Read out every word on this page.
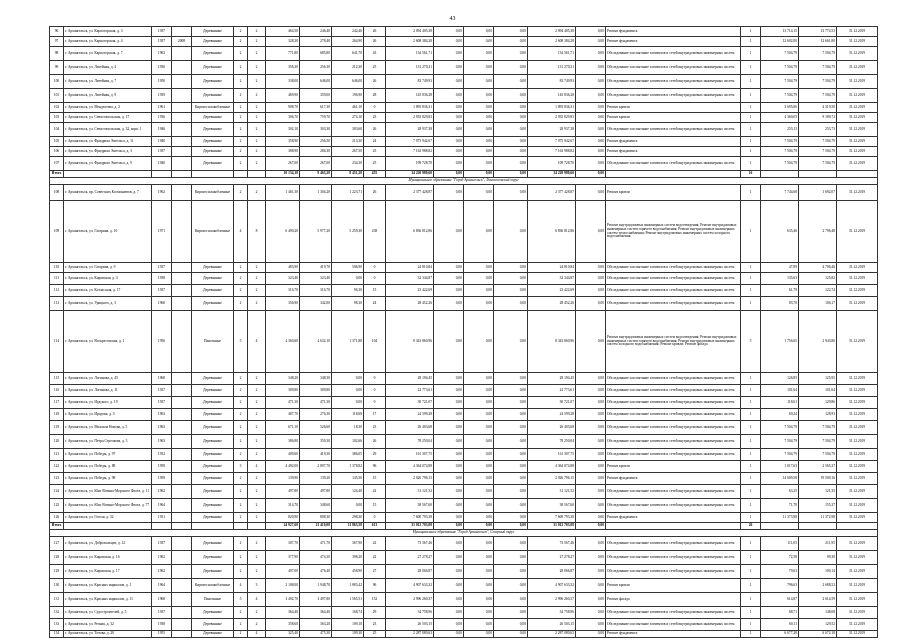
43
96	г. Архангельск, ул. Карпогорская, д. 3	1937		Деревянные	2	2	464,50	246,40	242,46	26	2 094 405,38	0,00	0,00	0,00	2 094 405,38	0,00	Ремонт фундамента	1	13 714,15	13 774,53	31.12.2019
97	г. Архангельск, ул. Карпогорская, д. 4	1937	2008	Деревянные	2	2	328,30	278,40	264,90	26	2 608 384,28	0,00	0,00	0,00	2 608 384,28	0,00	Ремонт фундамента	1	12 602,00	12 661,80	31.12.2019
98	г. Архангельск, ул. Карпогорская, д. 7	1963		Деревянные	2	2	771,80	685,80	641,70	43	134 561,71	0,00	0,00	0,00	134 561,71	0,00	Обследование и испытание элементов и сетей внутридомовых инженерных систем	1	7 504,79	7 504,79	31.12.2019
99	г. Архангельск, ул. Литейная, д. 4	1930		Деревянные	2	2	356,30	256,30	212,30	25	131 270,31	0,00	0,00	0,00	131 270,31	0,00	Обследование и испытание элементов и сетей внутридомовых инженерных систем	1	7 504,79	7 504,79	31.12.2019
100	г. Архангельск, ул. Литейная, д. 7	1950		Деревянные	2	2	338,00	646,00	646,00	26	83 749,93	0,00	0,00	0,00	83 749,93	0,00	Обследование и испытание элементов и сетей внутридомовых инженерных систем	1	7 504,79	7 504,79	31.12.2019
101	г. Архангельск, ул. Литейная, д. 9	1939		Деревянные	2	2	469,90	359,00	196,90	28	145 836,28	0,00	0,00	0,00	145 836,28	0,00	Обследование и испытание элементов и сетей внутридомовых инженерных систем	1	7 504,79	7 504,79	31.12.2019
102	г. Архангельск, ул. Менделеева, д. 2	1961		Кирпич шлакоблочные	2	2	908,70	617,30	461,10	0	1 895 836,31	0,00	0,00	0,00	1 895 836,31	0,00	Ремонт кровли	1	3 695,06	4 319,50	31.12.2019
103	г. Архангельск, ул. Севастопольская, д. 17	1936		Деревянные	2	2	306,70	759,70	274,10	23	2 935 829,83	0,00	0,00	0,00	2 935 829,83	0,00	Ремонт кровли	1	4 360,03	9 189,72	31.12.2019
104	г. Архангельск, ул. Севастопольская, д. 32, корп. 1	1946		Деревянные	2	2	302,10	303,30	303,60	26	28 937,38	0,00	0,00	0,00	28 937,38	0,00	Обследование и испытание элементов и сетей внутридомовых инженерных систем	1	253,13	253,73	31.12.2019
105	г. Архангельск, ул. Фридриха Энгельса, д. 11	1940		Деревянные	2	2	358,90	256,50	213,30	24	7 075 942,67	0,00	0,00	0,00	7 075 942,67	0,00	Ремонт фундамента	1	7 504,79	7 504,79	31.12.2019
106	г. Архангельск, ул. Фридриха Энгельса, д. 3	1937		Деревянные	2	2	388,90	284,30	267,50	25	7 163 988,82	0,00	0,00	0,00	7 163 988,82	0,00	Ремонт фундамента	1	7 504,79	7 504,79	31.12.2019
107	г. Архангельск, ул. Фридриха Энгельса, д. 9	1940		Деревянные	2	2	267,00	267,00	234,30	25	109 728,70	0,00	0,00	0,00	109 728,70	0,00	Обследование и испытание элементов и сетей внутридомовых инженерных систем	1	7 504,79	7 504,79	31.12.2019
Итого							10 134,10	9 463,20	8 451,20	455	34 220 980,60	0,00	0,00	0,00	34 220 980,60	0,00		16			
Муниципальное образование "Город Архангельск", Ломоносовский округ																					
108	г. Архангельск, пр. Советских Космонавтов, д. 7	1962		Кирпич шлакоблочные	2	2	1 461,30	1 304,20	1 223,71	26	2 377 428,87	0,00	0,00	0,00	2 377 428,87	0,00	Ремонт кровли	1	7 744,68	1 692,07	31.12.2019
109	г. Архангельск, ул. Гагарина, д. 10	1971		Кирпич шлакоблочные	4	8	6 490,20	5 977,20	5 259,30	238	6 836 812,86	0,00	0,00	0,00	6 836 812,86	0,00	Ремонт внутридомовых инженерных систем водоотведения; Ремонт внутридомовых инженерных систем горячего водоснабжения; Ремонт внутридомовых инженерных систем теплоснабжения; Ремонт внутридомовых инженерных систем холодного водоснабжения	1	635,46	2 796,48	31.12.2019
110	г. Архангельск, ул. Гагарина, д. 9	1937		Деревянные	2	2	483,90	419,70	506,90	0	24 810,84	0,00	0,00	0,00	24 810,84	0,00	Обследование и испытание элементов и сетей внутридомовых инженерных систем	1	47,89	4 706,46	31.12.2019
111	г. Архангельск, ул. Кировская, д. 3	1938		Деревянные	2	2	323,40	323,40	0,00	0	32 344,87	0,00	0,00	0,00	32 344,87	0,00	Обследование и испытание элементов и сетей внутридомовых инженерных систем	1	135,63	125,82	31.12.2019
112	г. Архангельск, ул. Котласская, д. 17	1937		Деревянные	2	2	316,70	316,70	96,30	15	23 422,69	0,00	0,00	0,00	23 422,69	0,00	Обследование и испытание элементов и сетей внутридомовых инженерных систем	1	61,79	122,74	31.12.2019
113	г. Архангельск, ул. Урицкого, д. 3	1960		Деревянные	2	2	356,90	342,00	98,30	24	28 452,26	0,00	0,00	0,00	28 452,26	0,00	Обследование и испытание элементов и сетей внутридомовых инженерных систем	1	83,70	106,17	31.12.2019
114	г. Архангельск, ул. Воскресенская, д. 1	1956		Панельные	5	4	4 360,60	4 632,10	1 371,88	104	8 343 860,96	0,00	0,00	0,00	8 343 860,96	0,00	Ремонт внутридомовых инженерных систем водоотведения; Ремонт внутридомовых инженерных систем горячего водоснабжения; Ремонт внутридомовых инженерных систем холодного водоснабжения; Ремонт кровли; Ремонт фасада	5	1 756,65	2 943,86	31.12.2019
115	г. Архангельск, ул. Логинова, д. 45	1960		Деревянные	2	2	348,20	348,30	0,00	0	28 194,45	0,00	0,00	0,00	28 194,45	0,00	Обследование и испытание элементов и сетей внутридомовых инженерных систем	1	126,85	125,95	31.12.2019
116	г. Архангельск, ул. Логинова, д. 11	1937		Деревянные	2	2	309,80	309,80	0,00	0	22 773,61	0,00	0,00	0,00	22 773,61	0,00	Обследование и испытание элементов и сетей внутридомовых инженерных систем	1	101,64	101,64	31.12.2019
117	г. Архангельск, ул. Иудского, д. 19	1937		Деревянные	2	2	471,30	471,30	0,00	0	30 721,07	0,00	0,00	0,00	30 721,07	0,00	Обследование и испытание элементов и сетей внутридомовых инженерных систем	1	118,61	129,86	31.12.2019
118	г. Архангельск, ул. Иродова, д. 3	1963		Деревянные	2	2	487,70	276,30	118,68	17	24 599,28	0,00	0,00	0,00	24 599,28	0,00	Обследование и испытание элементов и сетей внутридомовых инженерных систем	1	60,24	128,93	31.12.2019
119	г. Архангельск, ул. Михаила Новова, д. 5	1963		Деревянные	2	2	671,10	526,60	18,30	23	26 403,68	0,00	0,00	0,00	26 403,68	0,00	Обследование и испытание элементов и сетей внутридомовых инженерных систем	1	7 504,79	7 504,79	31.12.2019
120	г. Архангельск, ул. Петра Стрелкова, д. 3	1963		Деревянные	2	2	386,80	350,30	102,66	26	78 250,04	0,00	0,00	0,00	78 250,04	0,00	Обследование и испытание элементов и сетей внутридомовых инженерных систем	1	7 504,79	7 504,79	31.12.2019
121	г. Архангельск, ул. Победы, д. 97	1932		Деревянные	2	2	409,60	419,30	386,05	29	161 307,75	0,00	0,00	0,00	161 307,75	0,00	Обследование и испытание элементов и сетей внутридомовых инженерных систем	1	7 504,79	7 504,79	31.12.2019
122	г. Архангельск, ул. Победы, д. 88	1959		Деревянные	3	4	4 492,00	2 897,70	1 378,82	96	4 364 074,88	0,00	0,00	0,00	4 364 074,88	0,00	Ремонт кровли	1	1 017,63	2 565,37	31.12.2019
123	г. Архангельск, ул. Победы, д. 98	1959		Деревянные	2	2	139,90	139,20	145,50	15	2 026 796,15	0,00	0,00	0,00	2 026 796,15	0,00	Ремонт фундамента	1	14 609,58	19 509,16	31.12.2019
124	г. Архангельск, ул. Юнг Военно-Морского Флота, д. 11	1962		Деревянные	2	2	497,80	497,80	124,40	22	31 121,52	0,00	0,00	0,00	31 121,52	0,00	Обследование и испытание элементов и сетей внутридомовых инженерных систем	1	63,25	121,35	31.12.2019
125	г. Архангельск, ул. Юнг Военно-Морского Флота, д. 77	1964		Деревянные	2	2	314,70	348,60	0,00	15	38 567,60	0,00	0,00	0,00	38 567,60	0,00	Обследование и испытание элементов и сетей внутридомовых инженерных систем	1	71,70	155,37	31.12.2019
126	г. Архангельск, ул. Гоголя, д. 32	1931		Деревянные	2	2	820,90	808,30	298,30	0	7 600 793,38	0,00	0,00	0,00	7 600 793,38	0,00	Ремонт фундамента	1	11 373,98	11 372,98	31.12.2019
Итого							24 927,60	21 410,00	11 863,58	613	31 012 703,08	0,00	0,00	0,00	31 012 703,08	0,00		26			
Муниципальное образование "Город Архангельск", Северный округ																					
127	г. Архангельск, ул. Добровольцев, д. 12	1937		Деревянные	2	2	307,70	471,70	367,90	22	73 567,46	0,00	0,00	0,00	73 567,46	0,00	Обследование и испытание элементов и сетей внутридомовых инженерных систем	1	111,05	211,95	31.12.2019
128	г. Архангельск, ул. Кировская, д. 16	1962		Деревянные	2	2	377,90	474,30	398,20	22	27 278,27	0,00	0,00	0,00	27 278,27	0,00	Обследование и испытание элементов и сетей внутридомовых инженерных систем	1	72,58	99,30	31.12.2019
129	г. Архангельск, ул. Кировская, д. 17	1962		Деревянные	2	2	407,00	476,40	458,90	27	28 066,87	0,00	0,00	0,00	28 066,87	0,00	Обследование и испытание элементов и сетей внутридомовых инженерных систем	1	79,63	100,14	31.12.2019
130	г. Архангельск, ул. Красных маршалов, д. 1	1964		Кирпич шлакоблочные	4	3	2 108,00	1 948,70	1 883,42	96	4 907 633,32	0,00	0,00	0,00	4 907 633,32	0,00	Ремонт кровли	1	796,63	2 688,52	31.12.2019
131	г. Архангельск, ул. Красных маршалов, д. 11	1968		Панельные	5	4	3 492,70	3 497,80	1 565,51	152	2 996 260,37	0,00	0,00	0,00	2 996 260,37	0,00	Ремонт фасада	1	614,87	2 614,59	31.12.2019
132	г. Архангельск, ул. Судостроителей, д. 5	1937		Деревянные	2	2	364,40	364,40	168,74	29	34 758,96	0,00	0,00	0,00	34 758,96	0,00	Обследование и испытание элементов и сетей внутридомовых инженерных систем	1	68,71	148,08	31.12.2019
133	г. Архангельск, ул. Речная, д. 32	1938		Деревянные	2	2	358,60	363,20	109,10	23	26 503,15	0,00	0,00	0,00	26 503,15	0,00	Обследование и испытание элементов и сетей внутридомовых инженерных систем	1	60,11	129,52	31.12.2019
134	г. Архангельск, ул. Титова, д. 20	1955		Деревянные	2	4	325,40	475,30	109,30	25	2 287 080,63	0,00	0,00	0,00	2 287 080,63	0,00	Ремонт фундамента	1	6 677,28	6 672,18	31.12.2019
